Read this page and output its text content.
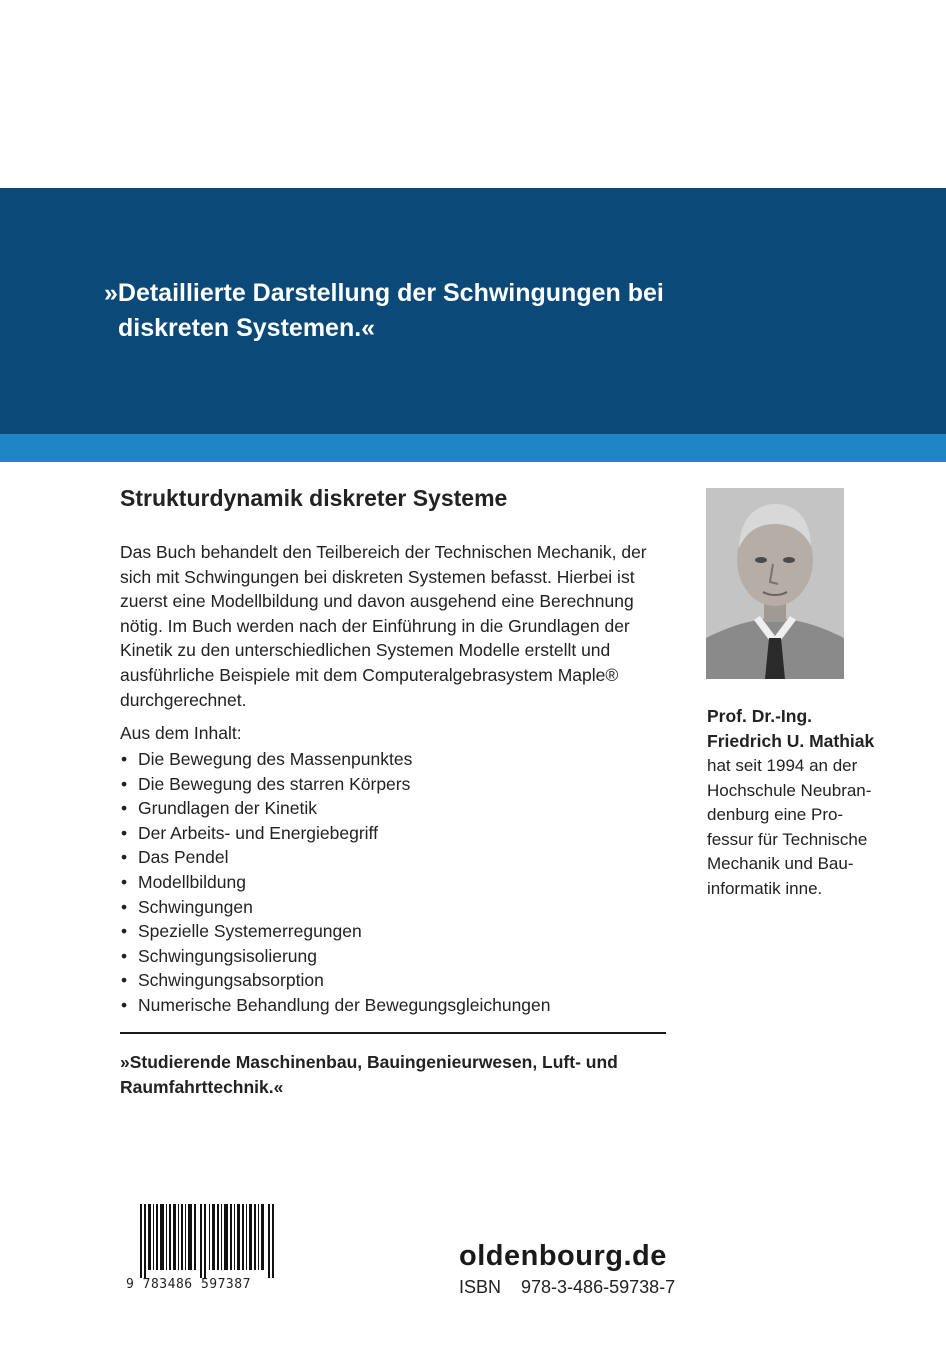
»Detaillierte Darstellung der Schwingungen bei
diskreten Systemen.«
Strukturdynamik diskreter Systeme
Das Buch behandelt den Teilbereich der Technischen Mechanik, der
sich mit Schwingungen bei diskreten Systemen befasst. Hierbei ist
zuerst eine Modellbildung und davon ausgehend eine Berechnung
nötig. Im Buch werden nach der Einführung in die Grundlagen der
Kinetik zu den unterschiedlichen Systemen Modelle erstellt und
ausführliche Beispiele mit dem Computeralgebrasystem Maple®
durchgerechnet.
Aus dem Inhalt:
• Die Bewegung des Massenpunktes
• Die Bewegung des starren Körpers
• Grundlagen der Kinetik
• Der Arbeits- und Energiebegriff
• Das Pendel
• Modellbildung
• Schwingungen
• Spezielle Systemerregungen
• Schwingungsisolierung
• Schwingungsabsorption
• Numerische Behandlung der Bewegungsgleichungen
»Studierende Maschinenbau, Bauingenieurwesen, Luft- und
Raumfahrttechnik.«
Prof. Dr.-Ing.
Friedrich U. Mathiak
hat seit 1994 an der
Hochschule Neubran-
denburg eine Pro-
fessur für Technische
Mechanik und Bau-
informatik inne.
9 783486 597387
oldenbourg.de
ISBN 978-3-486-59738-7
